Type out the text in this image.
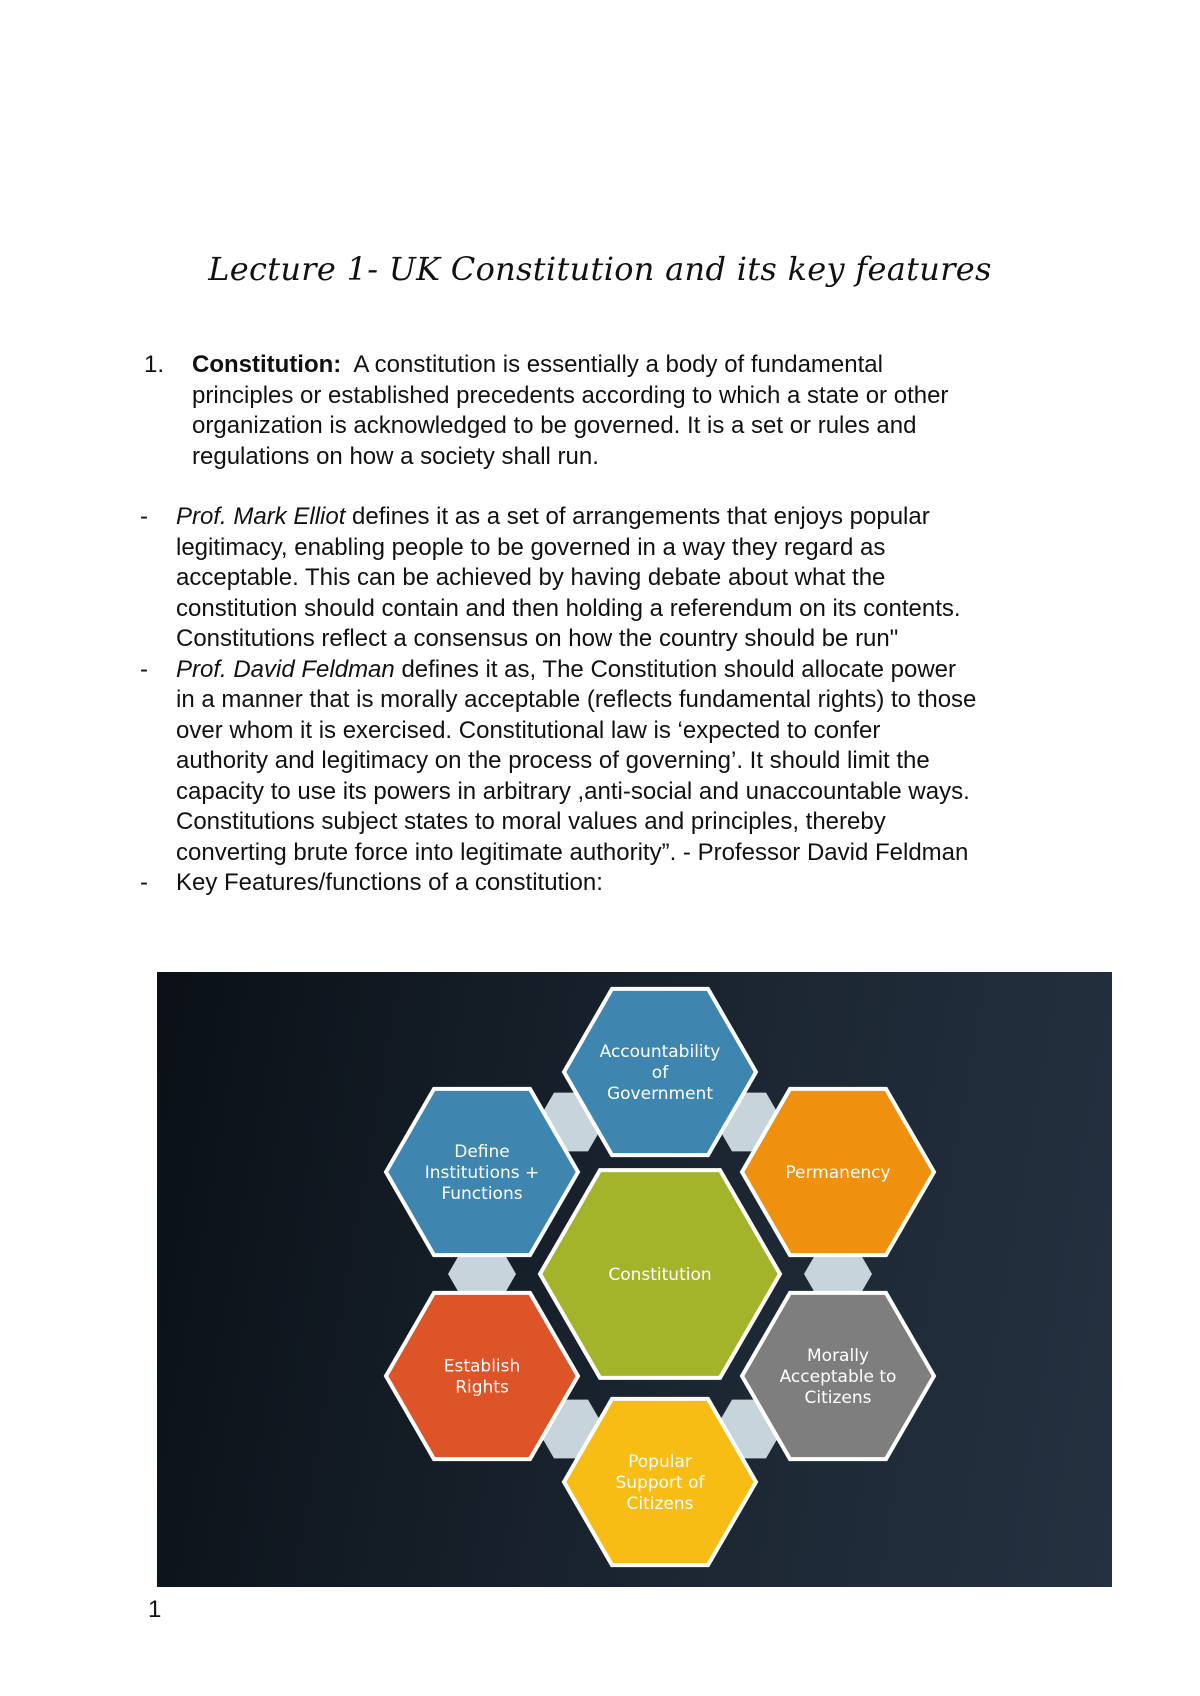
Lecture 1- UK Constitution and its key features
1.	Constitution: A constitution is essentially a body of fundamental
principles or established precedents according to which a state or other
organization is acknowledged to be governed. It is a set or rules and
regulations on how a society shall run.
-	Prof. Mark Elliot defines it as a set of arrangements that enjoys popular
legitimacy, enabling people to be governed in a way they regard as
acceptable. This can be achieved by having debate about what the
constitution should contain and then holding a referendum on its contents.
Constitutions reflect a consensus on how the country should be run"
-	Prof. David Feldman defines it as, The Constitution should allocate power
in a manner that is morally acceptable (reflects fundamental rights) to those
over whom it is exercised. Constitutional law is ‘expected to confer
authority and legitimacy on the process of governing’. It should limit the
capacity to use its powers in arbitrary ,anti-social and unaccountable ways.
Constitutions subject states to moral values and principles, thereby
converting brute force into legitimate authority”. - Professor David Feldman
-	Key Features/functions of a constitution:
Accountability
of
Government
Permanency
Morally
Acceptable to
Citizens
Popular
Support of
Citizens
Establish
Rights
Define
Institutions +
Functions
Constitution
1
